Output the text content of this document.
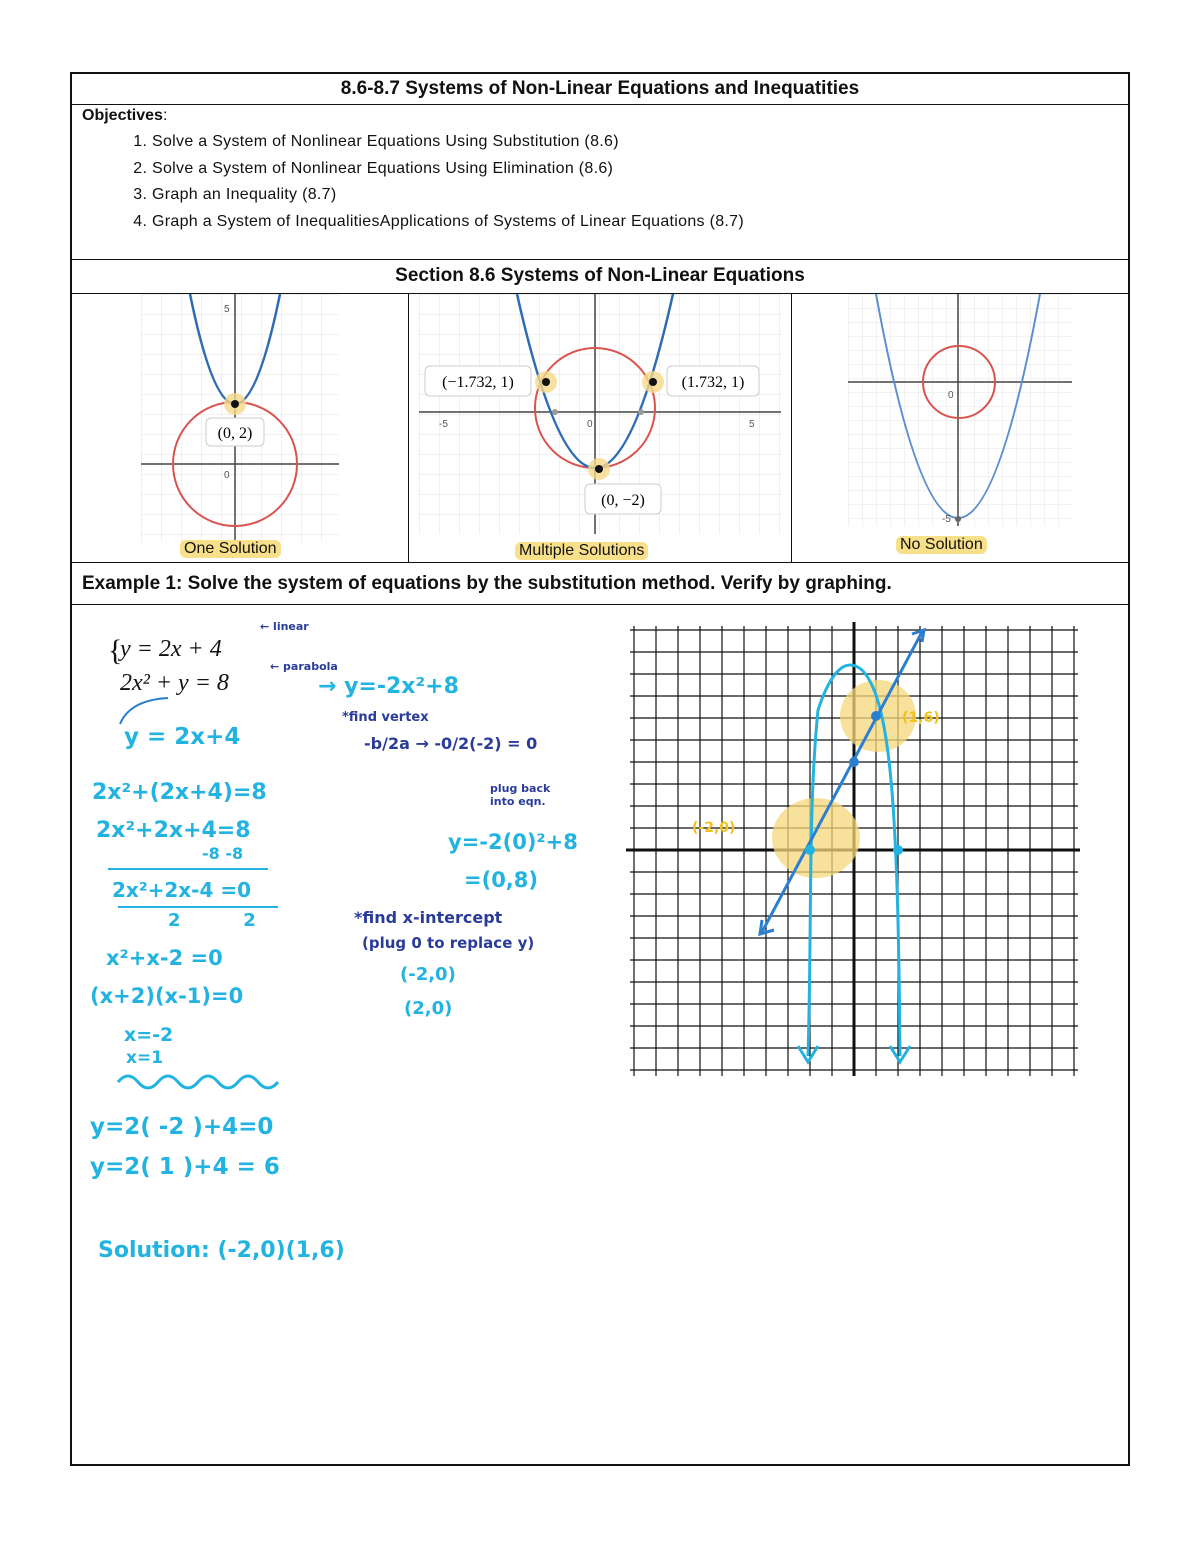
8.6-8.7 Systems of Non-Linear Equations and Inequatities
Objectives:
1. Solve a System of Nonlinear Equations Using Substitution (8.6)
2. Solve a System of Nonlinear Equations Using Elimination (8.6)
3. Graph an Inequality (8.7)
4. Graph a System of InequalitiesApplications of Systems of Linear Equations (8.7)
Section 8.6 Systems of Non-Linear Equations
(0, 2)
5
0
One Solution
(−1.732, 1)	(1.732, 1)
(0, −2)
-5	0	5
Multiple Solutions
0
-5
No Solution
Example 1: Solve the system of equations by the substitution method. Verify by graphing.
{
y = 2x + 4
2x² + y = 8
← linear
← parabola
y = 2x+4
2x²+(2x+4)=8
2x²+2x+4=8
-8 -8
2x²+2x-4 =0
2          2
x²+x-2 =0
(x+2)(x-1)=0
x=-2
x=1
y=2( -2 )+4=0
y=2( 1 )+4 = 6
Solution: (-2,0)(1,6)
→ y=-2x²+8
*find vertex
-b/2a → -0/2(-2) = 0
plug back into eqn.
y=-2(0)²+8
=(0,8)
*find x-intercept
(plug 0 to replace y)
(-2,0)
(2,0)
(1,6)
(-2,0)
